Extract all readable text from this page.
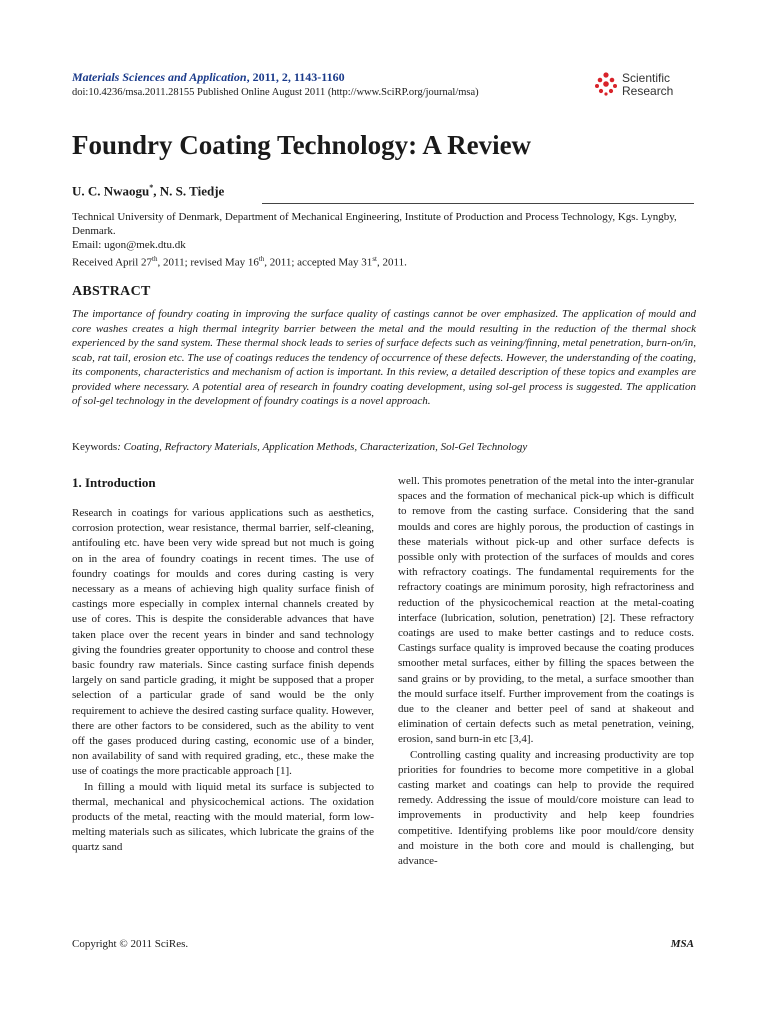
Materials Sciences and Application, 2011, 2, 1143-1160
doi:10.4236/msa.2011.28155 Published Online August 2011 (http://www.SciRP.org/journal/msa)
Scientific
Research
Foundry Coating Technology: A Review
U. C. Nwaogu*, N. S. Tiedje

Technical University of Denmark, Department of Mechanical Engineering, Institute of Production and Process Technology, Kgs. Lyngby, Denmark.

Email: ugon@mek.dtu.dk

Received April 27th, 2011; revised May 16th, 2011; accepted May 31st, 2011.

ABSTRACT

The importance of foundry coating in improving the surface quality of castings cannot be over emphasized. The application of mould and core washes creates a high thermal integrity barrier between the metal and the mould resulting in the reduction of the thermal shock experienced by the sand system. These thermal shock leads to series of surface defects such as veining/finning, metal penetration, burn-on/in, scab, rat tail, erosion etc. The use of coatings reduces the tendency of occurrence of these defects. However, the understanding of the coating, its components, characteristics and mechanism of action is important. In this review, a detailed description of these topics and examples are provided where necessary. A potential area of research in foundry coating development, using sol-gel process is suggested. The application of sol-gel technology in the development of foundry coatings is a novel approach.

Keywords: Coating, Refractory Materials, Application Methods, Characterization, Sol-Gel Technology
1. Introduction

Research in coatings for various applications such as aesthetics, corrosion protection, wear resistance, thermal barrier, self-cleaning, antifouling etc. have been very wide spread but not much is going on in the area of foundry coatings in recent times. The use of foundry coatings for moulds and cores during casting is very necessary as a means of achieving high quality surface finish of castings more especially in complex internal channels created by use of cores. This is despite the considerable advances that have taken place over the recent years in binder and sand technology giving the foundries greater opportunity to choose and control these basic foundry raw materials. Since casting surface finish depends largely on sand particle grading, it might be supposed that a proper selection of a particular grade of sand would be the only requirement to achieve the desired casting surface quality. However, there are other factors to be considered, such as the ability to vent off the gases produced during casting, economic use of a binder, non availability of sand with required grading, etc., these make the use of coatings the more practicable approach [1].

In filling a mould with liquid metal its surface is subjected to thermal, mechanical and physicochemical actions. The oxidation products of the metal, reacting with the mould material, form low-melting materials such as silicates, which lubricate the grains of the quartz sand

well. This promotes penetration of the metal into the inter-granular spaces and the formation of mechanical pick-up which is difficult to remove from the casting surface. Considering that the sand moulds and cores are highly porous, the production of castings in these materials without pick-up and other surface defects is possible only with protection of the surfaces of moulds and cores with refractory coatings. The fundamental requirements for the refractory coatings are minimum porosity, high refractoriness and reduction of the physicochemical reaction at the metal-coating interface (lubrication, solution, penetration) [2]. These refractory coatings are used to make better castings and to reduce costs. Castings surface quality is improved because the coating produces smoother metal surfaces, either by filling the spaces between the sand grains or by providing, to the metal, a surface smoother than the mould surface itself. Further improvement from the coatings is due to the cleaner and better peel of sand at shakeout and elimination of certain defects such as metal penetration, veining, erosion, sand burn-in etc [3,4].

Controlling casting quality and increasing productivity are top priorities for foundries to become more competitive in a global casting market and coatings can help to provide the required remedy. Addressing the issue of mould/core moisture can lead to improvements in productivity and help keep foundries competitive. Identifying problems like poor mould/core density and moisture in the both core and mould is challenging, but advance-

Copyright © 2011 SciRes.	MSA
